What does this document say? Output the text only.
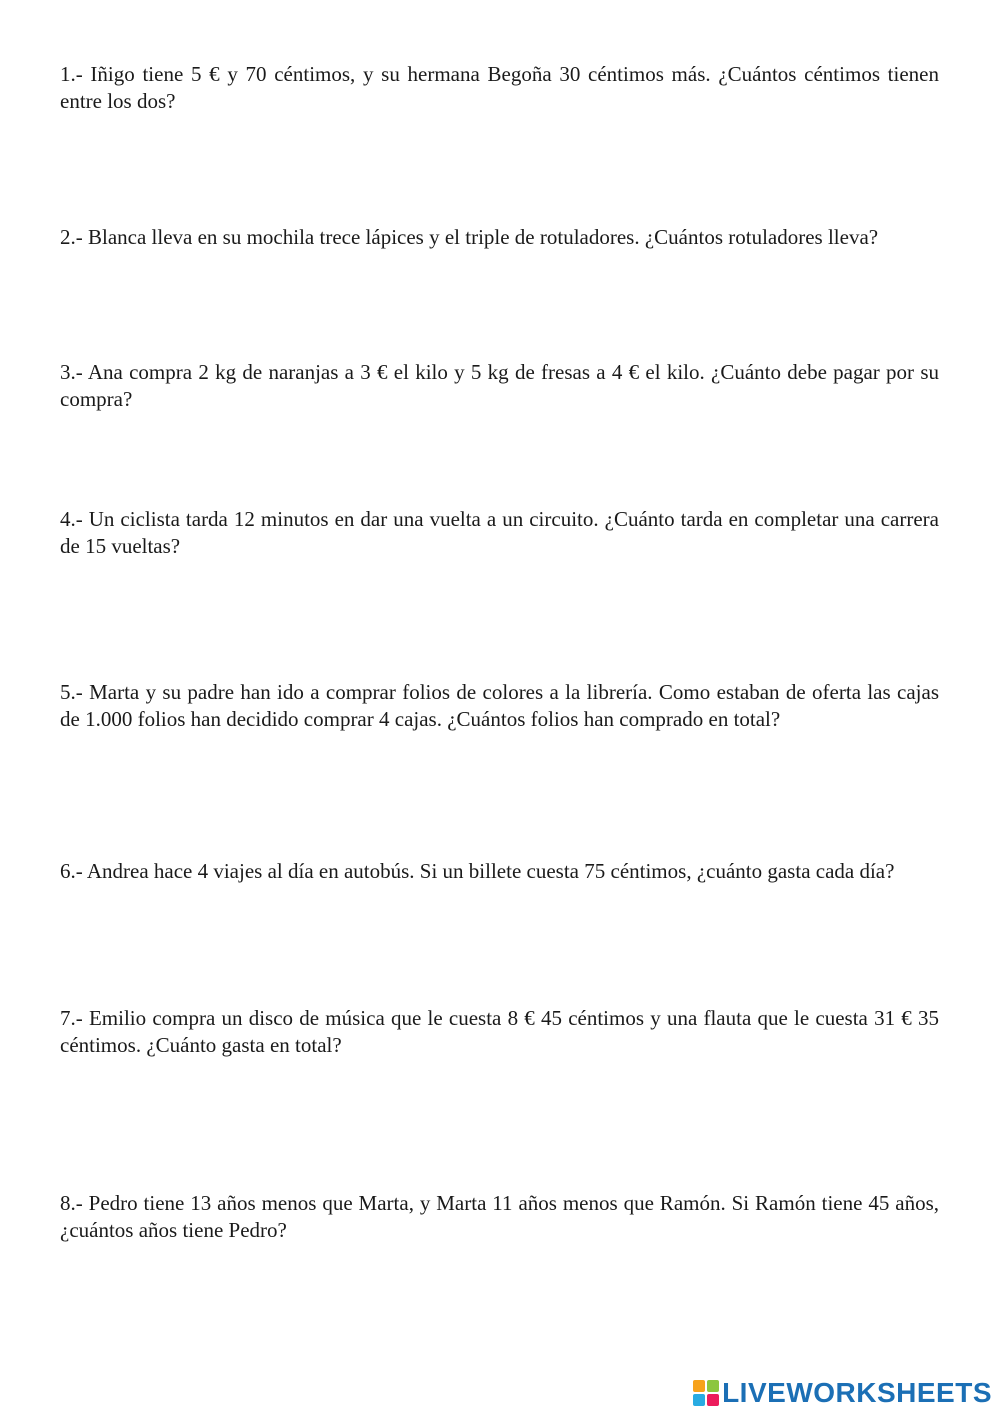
1.- Iñigo tiene 5 € y 70 céntimos, y su hermana Begoña 30 céntimos más. ¿Cuántos céntimos tienen entre los dos?

2.- Blanca lleva en su mochila trece lápices y el triple de rotuladores. ¿Cuántos rotuladores lleva?

3.- Ana compra 2 kg de naranjas a 3 € el kilo y 5 kg de fresas a 4 € el kilo. ¿Cuánto debe pagar por su compra?

4.- Un ciclista tarda 12 minutos en dar una vuelta a un circuito. ¿Cuánto tarda en completar una carrera de 15 vueltas?

5.- Marta y su padre han ido a comprar folios de colores a la librería. Como estaban de oferta las cajas de 1.000 folios han decidido comprar 4 cajas. ¿Cuántos folios han comprado en total?

6.- Andrea hace 4 viajes al día en autobús. Si un billete cuesta 75 céntimos, ¿cuánto gasta cada día?

7.- Emilio compra un disco de música que le cuesta 8 € 45 céntimos y una flauta que le cuesta 31 € 35 céntimos. ¿Cuánto gasta en total?

8.- Pedro tiene 13 años menos que Marta, y Marta 11 años menos que Ramón. Si Ramón tiene 45 años, ¿cuántos años tiene Pedro?

LIVEWORKSHEETS
